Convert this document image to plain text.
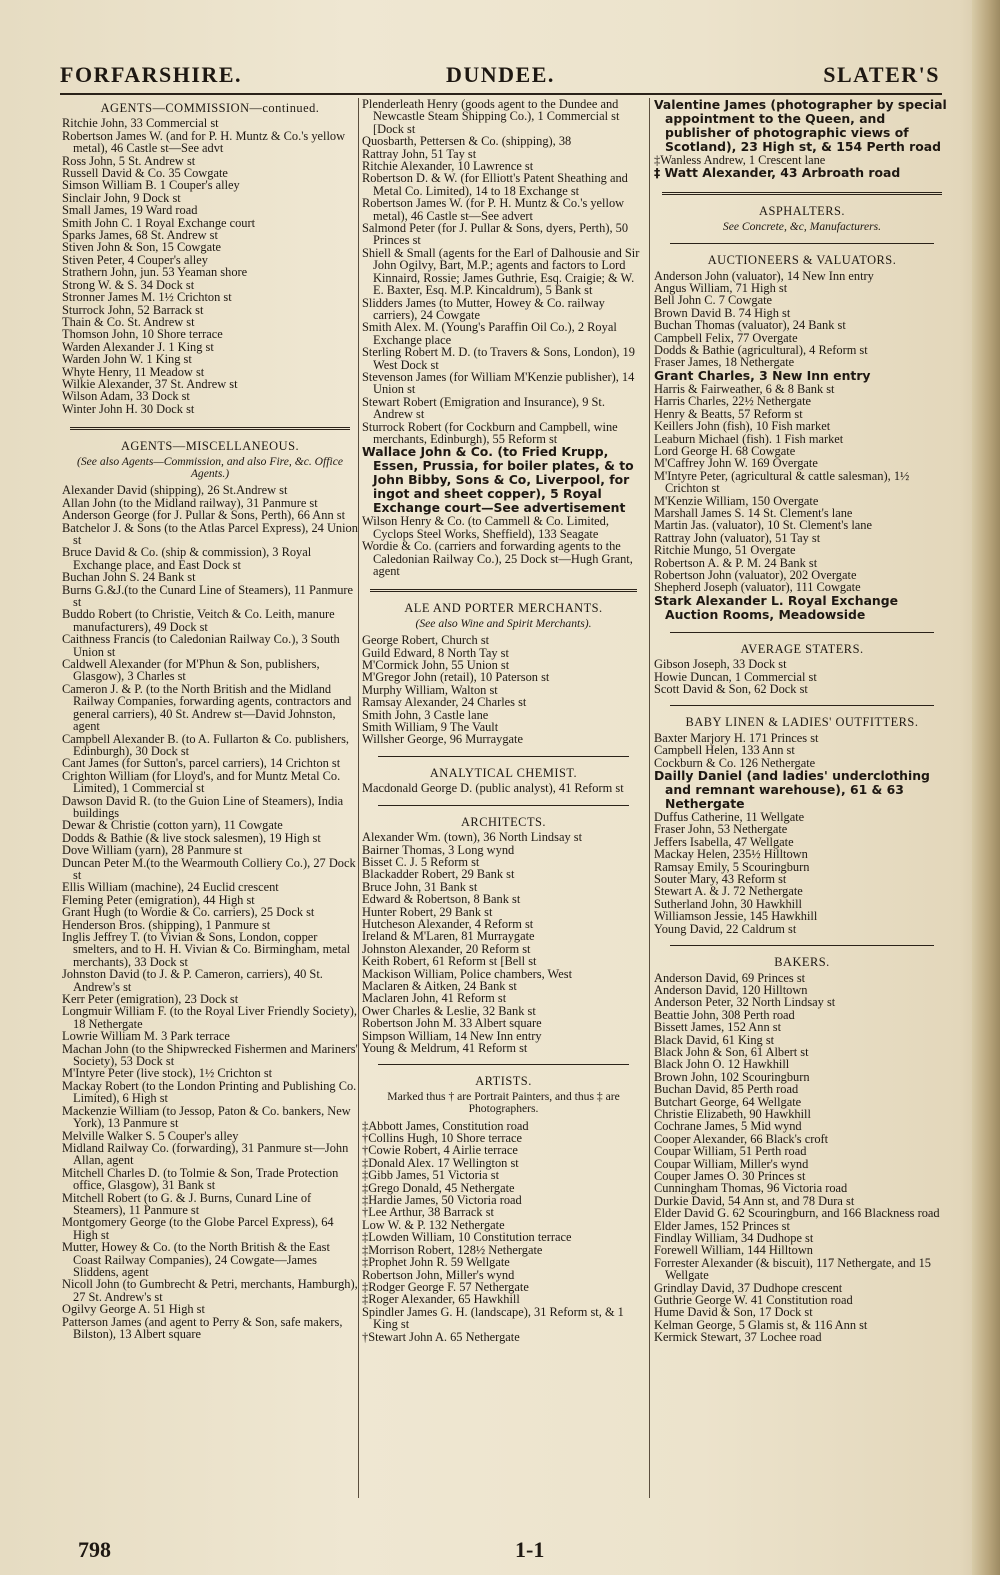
FORFARSHIRE.	DUNDEE.	SLATER'S
AGENTS—COMMISSION—continued.
Ritchie John, 33 Commercial st
Robertson James W. (and for P. H. Muntz & Co.'s yellow metal), 46 Castle st—See advt
Ross John, 5 St. Andrew st
Russell David & Co. 35 Cowgate
Simson William B. 1 Couper's alley
Sinclair John, 9 Dock st
Small James, 19 Ward road
Smith John C. 1 Royal Exchange court
Sparks James, 68 St. Andrew st
Stiven John & Son, 15 Cowgate
Stiven Peter, 4 Couper's alley
Strathern John, jun. 53 Yeaman shore
Strong W. & S. 34 Dock st
Stronner James M. 1½ Crichton st
Sturrock John, 52 Barrack st
Thain & Co. St. Andrew st
Thomson John, 10 Shore terrace
Warden Alexander J. 1 King st
Warden John W. 1 King st
Whyte Henry, 11 Meadow st
Wilkie Alexander, 37 St. Andrew st
Wilson Adam, 33 Dock st
Winter John H. 30 Dock st
AGENTS—MISCELLANEOUS.
(See also Agents—Commission, and also Fire, &c. Office Agents.)
Alexander David (shipping), 26 St.Andrew st
Allan John (to the Midland railway), 31 Panmure st
Anderson George (for J. Pullar & Sons, Perth), 66 Ann st
Batchelor J. & Sons (to the Atlas Parcel Express), 24 Union st
Bruce David & Co. (ship & commission), 3 Royal Exchange place, and East Dock st
Buchan John S. 24 Bank st
Burns G.&J.(to the Cunard Line of Steamers), 11 Panmure st
Buddo Robert (to Christie, Veitch & Co. Leith, manure manufacturers), 49 Dock st
Caithness Francis (to Caledonian Railway Co.), 3 South Union st
Caldwell Alexander (for M'Phun & Son, publishers, Glasgow), 3 Charles st
Cameron J. & P. (to the North British and the Midland Railway Companies, forwarding agents, contractors and general carriers), 40 St. Andrew st—David Johnston, agent
Campbell Alexander B. (to A. Fullarton & Co. publishers, Edinburgh), 30 Dock st
Cant James (for Sutton's, parcel carriers), 14 Crichton st
Crighton William (for Lloyd's, and for Muntz Metal Co. Limited), 1 Commercial st
Dawson David R. (to the Guion Line of Steamers), India buildings
Dewar & Christie (cotton yarn), 11 Cowgate
Dodds & Bathie (& live stock salesmen), 19 High st
Dove William (yarn), 28 Panmure st
Duncan Peter M.(to the Wearmouth Colliery Co.), 27 Dock st
Ellis William (machine), 24 Euclid crescent
Fleming Peter (emigration), 44 High st
Grant Hugh (to Wordie & Co. carriers), 25 Dock st
Henderson Bros. (shipping), 1 Panmure st
Inglis Jeffrey T. (to Vivian & Sons, London, copper smelters, and to H. H. Vivian & Co. Birmingham, metal merchants), 33 Dock st
Johnston David (to J. & P. Cameron, carriers), 40 St. Andrew's st
Kerr Peter (emigration), 23 Dock st
Longmuir William F. (to the Royal Liver Friendly Society), 18 Nethergate
Lowrie William M. 3 Park terrace
Machan John (to the Shipwrecked Fishermen and Mariners' Society), 53 Dock st
M'Intyre Peter (live stock), 1½ Crichton st
Mackay Robert (to the London Printing and Publishing Co. Limited), 6 High st
Mackenzie William (to Jessop, Paton & Co. bankers, New York), 13 Panmure st
Melville Walker S. 5 Couper's alley
Midland Railway Co. (forwarding), 31 Panmure st—John Allan, agent
Mitchell Charles D. (to Tolmie & Son, Trade Protection office, Glasgow), 31 Bank st
Mitchell Robert (to G. & J. Burns, Cunard Line of Steamers), 11 Panmure st
Montgomery George (to the Globe Parcel Express), 64 High st
Mutter, Howey & Co. (to the North British & the East Coast Railway Companies), 24 Cowgate—James Sliddens, agent
Nicoll John (to Gumbrecht & Petri, merchants, Hamburgh), 27 St. Andrew's st
Ogilvy George A. 51 High st
Patterson James (and agent to Perry & Son, safe makers, Bilston), 13 Albert square
Plenderleath Henry (goods agent to the Dundee and Newcastle Steam Shipping Co.), 1 Commercial st [Dock st
Quosbarth, Pettersen & Co. (shipping), 38
Rattray John, 51 Tay st
Ritchie Alexander, 10 Lawrence st
Robertson D. & W. (for Elliott's Patent Sheathing and Metal Co. Limited), 14 to 18 Exchange st
Robertson James W. (for P. H. Muntz & Co.'s yellow metal), 46 Castle st—See advert
Salmond Peter (for J. Pullar & Sons, dyers, Perth), 50 Princes st
Shiell & Small (agents for the Earl of Dalhousie and Sir John Ogilvy, Bart, M.P.; agents and factors to Lord Kinnaird, Rossie; James Guthrie, Esq. Craigie; & W. E. Baxter, Esq. M.P. Kincaldrum), 5 Bank st
Slidders James (to Mutter, Howey & Co. railway carriers), 24 Cowgate
Smith Alex. M. (Young's Paraffin Oil Co.), 2 Royal Exchange place
Sterling Robert M. D. (to Travers & Sons, London), 19 West Dock st
Stevenson James (for William M'Kenzie publisher), 14 Union st
Stewart Robert (Emigration and Insurance), 9 St. Andrew st
Sturrock Robert (for Cockburn and Campbell, wine merchants, Edinburgh), 55 Reform st
Wallace John & Co. (to Fried Krupp, Essen, Prussia, for boiler plates, & to John Bibby, Sons & Co, Liverpool, for ingot and sheet copper), 5 Royal Exchange court—See advertisement
Wilson Henry & Co. (to Cammell & Co. Limited, Cyclops Steel Works, Sheffield), 133 Seagate
Wordie & Co. (carriers and forwarding agents to the Caledonian Railway Co.), 25 Dock st—Hugh Grant, agent
ALE AND PORTER MERCHANTS.
(See also Wine and Spirit Merchants).
George Robert, Church st
Guild Edward, 8 North Tay st
M'Cormick John, 55 Union st
M'Gregor John (retail), 10 Paterson st
Murphy William, Walton st
Ramsay Alexander, 24 Charles st
Smith John, 3 Castle lane
Smith William, 9 The Vault
Willsher George, 96 Murraygate
ANALYTICAL CHEMIST.
Macdonald George D. (public analyst), 41 Reform st
ARCHITECTS.
Alexander Wm. (town), 36 North Lindsay st
Bairner Thomas, 3 Long wynd
Bisset C. J. 5 Reform st
Blackadder Robert, 29 Bank st
Bruce John, 31 Bank st
Edward & Robertson, 8 Bank st
Hunter Robert, 29 Bank st
Hutcheson Alexander, 4 Reform st
Ireland & M'Laren, 81 Murraygate
Johnston Alexander, 20 Reform st
Keith Robert, 61 Reform st [Bell st
Mackison William, Police chambers, West
Maclaren & Aitken, 24 Bank st
Maclaren John, 41 Reform st
Ower Charles & Leslie, 32 Bank st
Robertson John M. 33 Albert square
Simpson William, 14 New Inn entry
Young & Meldrum, 41 Reform st
ARTISTS.
Marked thus † are Portrait Painters, and thus ‡ are Photographers.
‡Abbott James, Constitution road
†Collins Hugh, 10 Shore terrace
†Cowie Robert, 4 Airlie terrace
‡Donald Alex. 17 Wellington st
‡Gibb James, 51 Victoria st
‡Grego Donald, 45 Nethergate
‡Hardie James, 50 Victoria road
†Lee Arthur, 38 Barrack st
Low W. & P. 132 Nethergate
‡Lowden William, 10 Constitution terrace
‡Morrison Robert, 128½ Nethergate
‡Prophet John R. 59 Wellgate
Robertson John, Miller's wynd
‡Rodger George F. 57 Nethergate
‡Roger Alexander, 65 Hawkhill
Spindler James G. H. (landscape), 31 Reform st, & 1 King st
†Stewart John A. 65 Nethergate
Valentine James (photographer by special appointment to the Queen, and publisher of photographic views of Scotland), 23 High st, & 154 Perth road
‡Wanless Andrew, 1 Crescent lane
‡ Watt Alexander, 43 Arbroath road
ASPHALTERS.
See Concrete, &c, Manufacturers.
AUCTIONEERS & VALUATORS.
Anderson John (valuator), 14 New Inn entry
Angus William, 71 High st
Bell John C. 7 Cowgate
Brown David B. 74 High st
Buchan Thomas (valuator), 24 Bank st
Campbell Felix, 77 Overgate
Dodds & Bathie (agricultural), 4 Reform st
Fraser James, 18 Nethergate
Grant Charles, 3 New Inn entry
Harris & Fairweather, 6 & 8 Bank st
Harris Charles, 22½ Nethergate
Henry & Beatts, 57 Reform st
Keillers John (fish), 10 Fish market
Leaburn Michael (fish). 1 Fish market
Lord George H. 68 Cowgate
M'Caffrey John W. 169 Overgate
M'Intyre Peter, (agricultural & cattle salesman), 1½ Crichton st
M'Kenzie William, 150 Overgate
Marshall James S. 14 St. Clement's lane
Martin Jas. (valuator), 10 St. Clement's lane
Rattray John (valuator), 51 Tay st
Ritchie Mungo, 51 Overgate
Robertson A. & P. M. 24 Bank st
Robertson John (valuator), 202 Overgate
Shepherd Joseph (valuator), 111 Cowgate
Stark Alexander L. Royal Exchange Auction Rooms, Meadowside
AVERAGE STATERS.
Gibson Joseph, 33 Dock st
Howie Duncan, 1 Commercial st
Scott David & Son, 62 Dock st
BABY LINEN & LADIES' OUTFITTERS.
Baxter Marjory H. 171 Princes st
Campbell Helen, 133 Ann st
Cockburn & Co. 126 Nethergate
Dailly Daniel (and ladies' underclothing and remnant warehouse), 61 & 63 Nethergate
Duffus Catherine, 11 Wellgate
Fraser John, 53 Nethergate
Jeffers Isabella, 47 Wellgate
Mackay Helen, 235½ Hilltown
Ramsay Emily, 5 Scouringburn
Souter Mary, 43 Reform st
Stewart A. & J. 72 Nethergate
Sutherland John, 30 Hawkhill
Williamson Jessie, 145 Hawkhill
Young David, 22 Caldrum st
BAKERS.
Anderson David, 69 Princes st
Anderson David, 120 Hilltown
Anderson Peter, 32 North Lindsay st
Beattie John, 308 Perth road
Bissett James, 152 Ann st
Black David, 61 King st
Black John & Son, 61 Albert st
Black John O. 12 Hawkhill
Brown John, 102 Scouringburn
Buchan David, 85 Perth road
Butchart George, 64 Wellgate
Christie Elizabeth, 90 Hawkhill
Cochrane James, 5 Mid wynd
Cooper Alexander, 66 Black's croft
Coupar William, 51 Perth road
Coupar William, Miller's wynd
Couper James O. 30 Princes st
Cunningham Thomas, 96 Victoria road
Durkie David, 54 Ann st, and 78 Dura st
Elder David G. 62 Scouringburn, and 166 Blackness road
Elder James, 152 Princes st
Findlay William, 34 Dudhope st
Forewell William, 144 Hilltown
Forrester Alexander (& biscuit), 117 Nethergate, and 15 Wellgate
Grindlay David, 37 Dudhope crescent
Guthrie George W. 41 Constitution road
Hume David & Son, 17 Dock st
Kelman George, 5 Glamis st, & 116 Ann st
Kermick Stewart, 37 Lochee road
798	1-1
